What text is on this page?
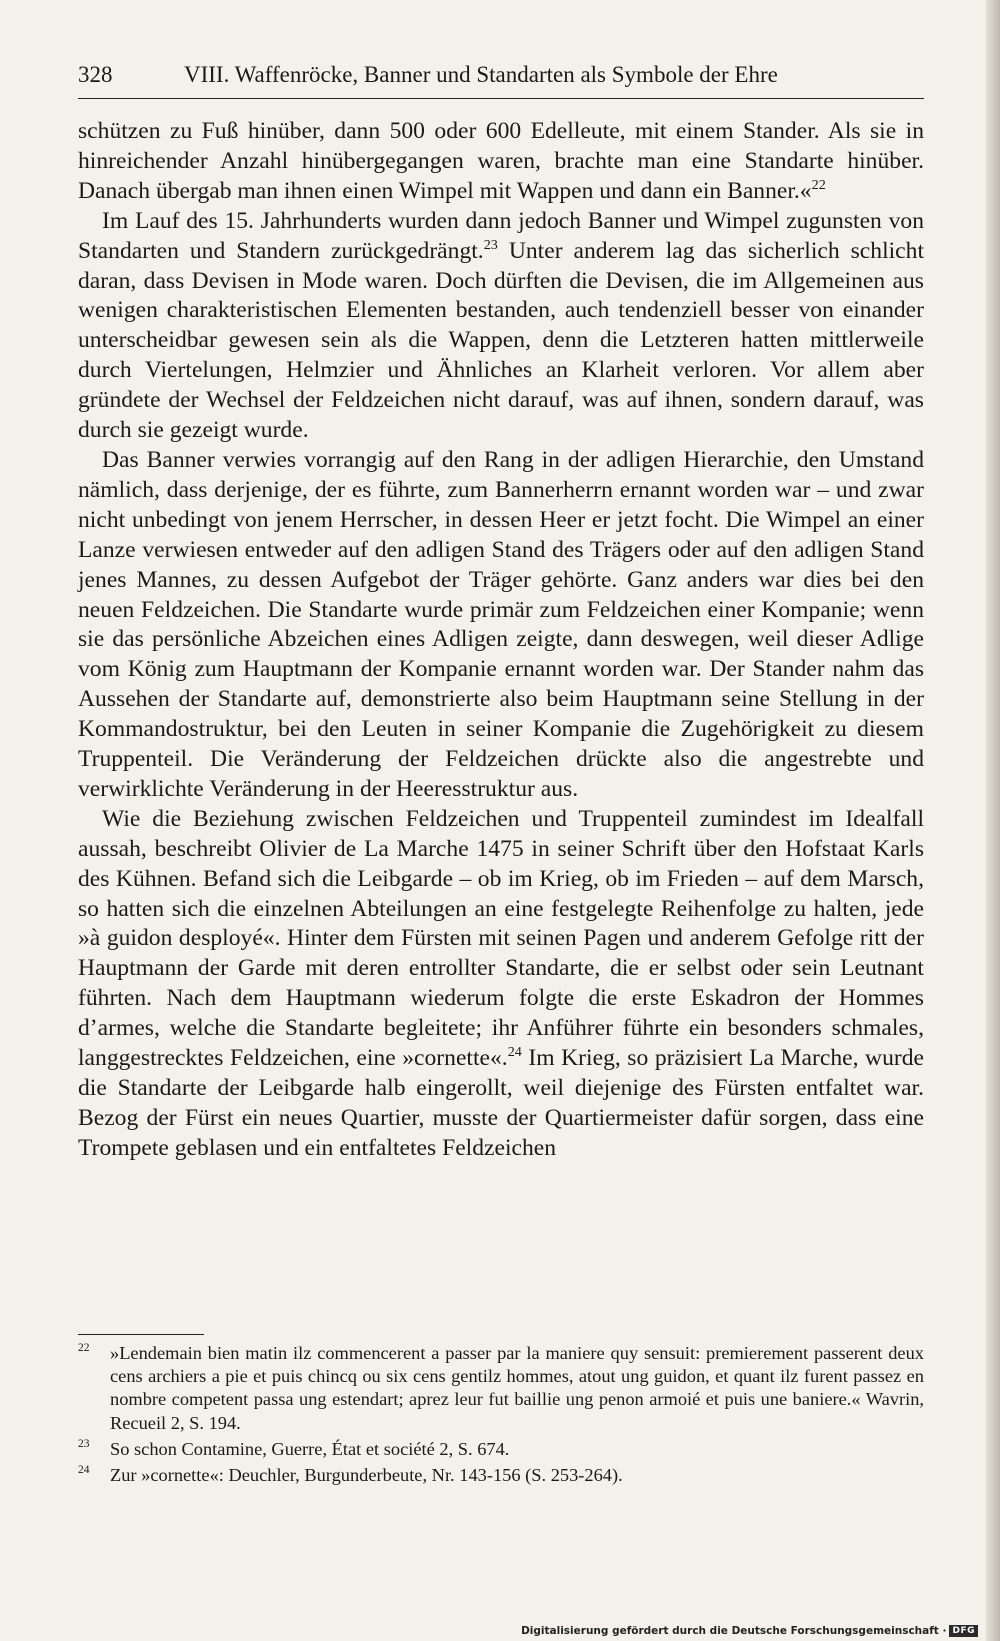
328	VIII. Waffenröcke, Banner und Standarten als Symbole der Ehre

schützen zu Fuß hinüber, dann 500 oder 600 Edelleute, mit einem Stander. Als sie in hinreichender Anzahl hinübergegangen waren, brachte man eine Standarte hinüber. Danach übergab man ihnen einen Wimpel mit Wappen und dann ein Banner.«$^{22}$

Im Lauf des 15. Jahrhunderts wurden dann jedoch Banner und Wimpel zugunsten von Standarten und Standern zurückgedrängt.$^{23}$ Unter anderem lag das sicherlich schlicht daran, dass Devisen in Mode waren. Doch dürften die Devisen, die im Allgemeinen aus wenigen charakteristischen Elementen bestanden, auch tendenziell besser von einander unterscheidbar gewesen sein als die Wappen, denn die Letzteren hatten mittlerweile durch Viertelungen, Helmzier und Ähnliches an Klarheit verloren. Vor allem aber gründete der Wechsel der Feldzeichen nicht darauf, was auf ihnen, sondern darauf, was durch sie gezeigt wurde.

Das Banner verwies vorrangig auf den Rang in der adligen Hierarchie, den Umstand nämlich, dass derjenige, der es führte, zum Bannerherrn ernannt worden war – und zwar nicht unbedingt von jenem Herrscher, in dessen Heer er jetzt focht. Die Wimpel an einer Lanze verwiesen entweder auf den adligen Stand des Trägers oder auf den adligen Stand jenes Mannes, zu dessen Aufgebot der Träger gehörte. Ganz anders war dies bei den neuen Feldzeichen. Die Standarte wurde primär zum Feldzeichen einer Kompanie; wenn sie das persönliche Abzeichen eines Adligen zeigte, dann deswegen, weil dieser Adlige vom König zum Hauptmann der Kompanie ernannt worden war. Der Stander nahm das Aussehen der Standarte auf, demonstrierte also beim Hauptmann seine Stellung in der Kommandostruktur, bei den Leuten in seiner Kompanie die Zugehörigkeit zu diesem Truppenteil. Die Veränderung der Feldzeichen drückte also die angestrebte und verwirklichte Veränderung in der Heeresstruktur aus.

Wie die Beziehung zwischen Feldzeichen und Truppenteil zumindest im Idealfall aussah, beschreibt Olivier de La Marche 1475 in seiner Schrift über den Hofstaat Karls des Kühnen. Befand sich die Leibgarde – ob im Krieg, ob im Frieden – auf dem Marsch, so hatten sich die einzelnen Abteilungen an eine festgelegte Reihenfolge zu halten, jede »à guidon desployé«. Hinter dem Fürsten mit seinen Pagen und anderem Gefolge ritt der Hauptmann der Garde mit deren entrollter Standarte, die er selbst oder sein Leutnant führten. Nach dem Hauptmann wiederum folgte die erste Eskadron der Hommes d’armes, welche die Standarte begleitete; ihr Anführer führte ein besonders schmales, langgestrecktes Feldzeichen, eine »cornette«.$^{24}$ Im Krieg, so präzisiert La Marche, wurde die Standarte der Leibgarde halb eingerollt, weil diejenige des Fürsten entfaltet war. Bezog der Fürst ein neues Quartier, musste der Quartiermeister dafür sorgen, dass eine Trompete geblasen und ein entfaltetes Feldzeichen

22 »Lendemain bien matin ilz commencerent a passer par la maniere quy sensuit: premierement passerent deux cens archiers a pie et puis chincq ou six cens gentilz hommes, atout ung guidon, et quant ilz furent passez en nombre competent passa ung estendart; aprez leur fut baillie ung penon armoié et puis une baniere.« Wavrin, Recueil 2, S. 194.
23 So schon Contamine, Guerre, État et société 2, S. 674.
24 Zur »cornette«: Deuchler, Burgunderbeute, Nr. 143-156 (S. 253-264).
Digitalisierung gefördert durch die Deutsche Forschungsgemeinschaft · DFG
